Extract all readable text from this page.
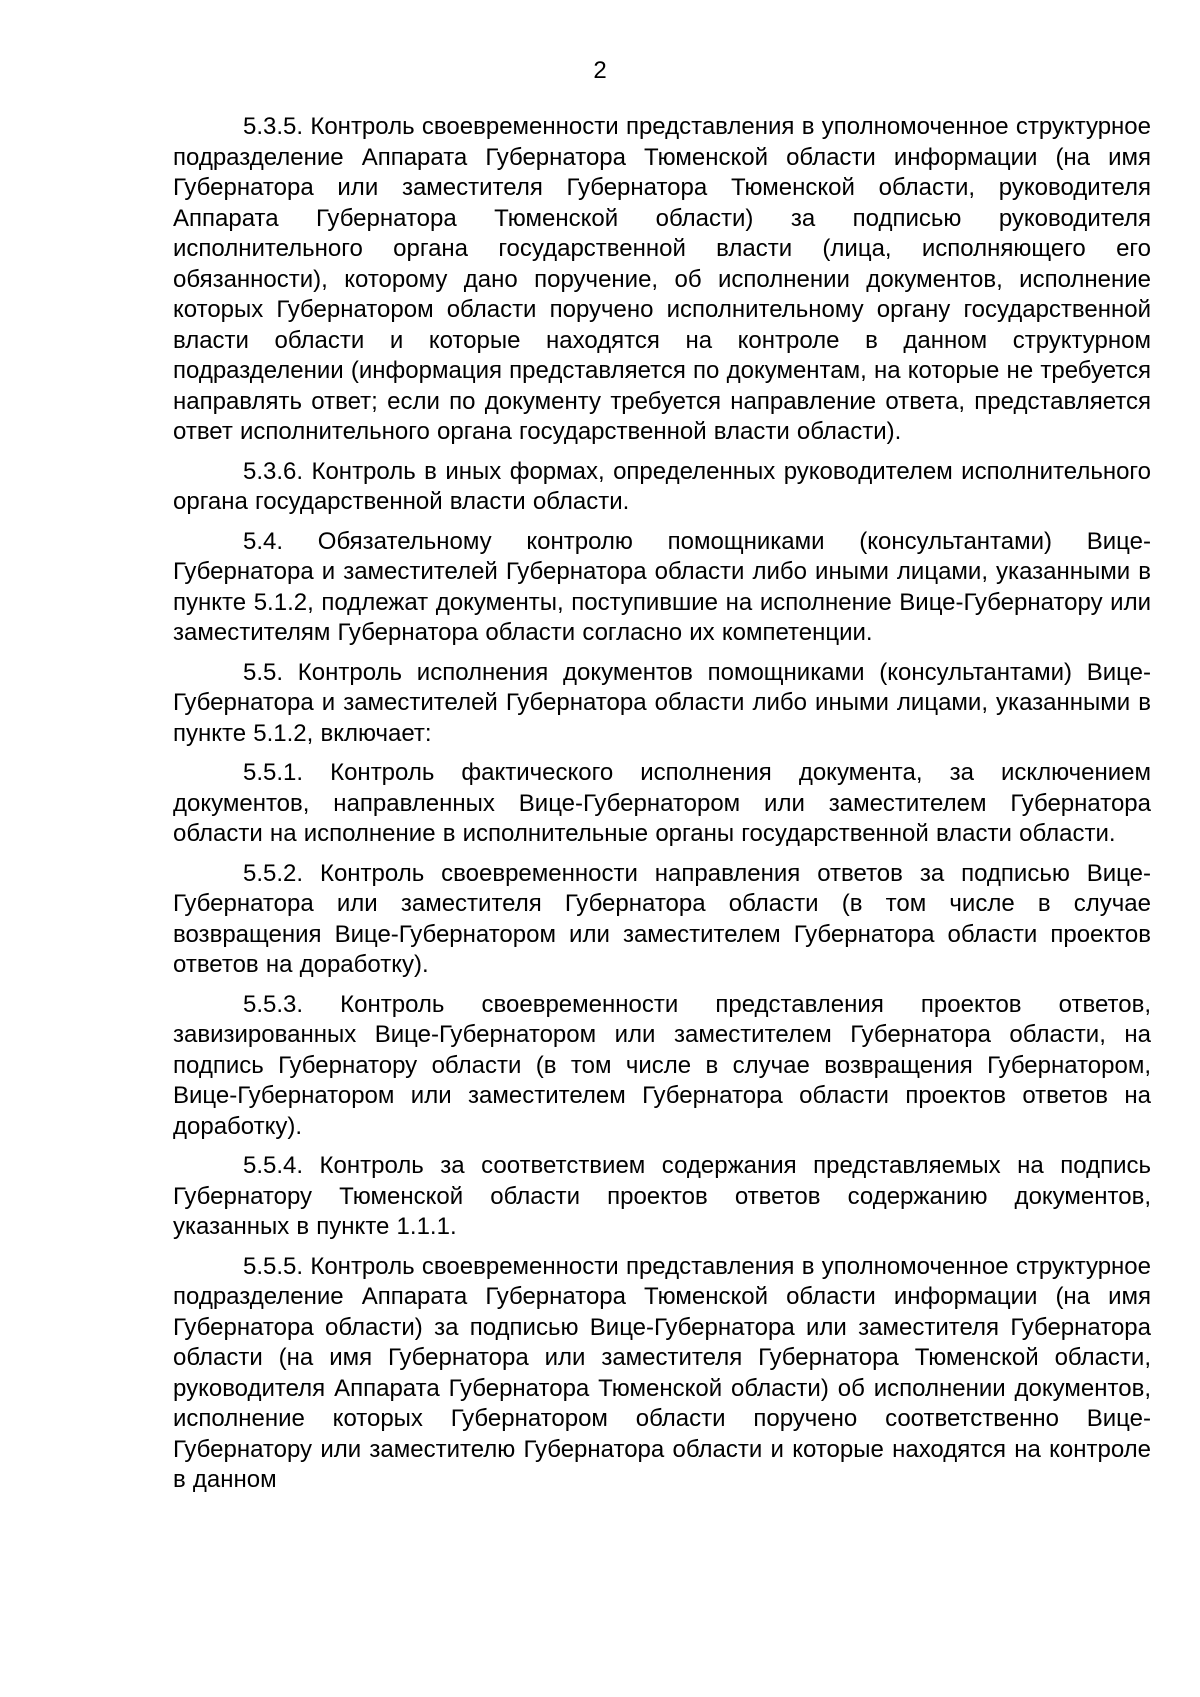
2

5.3.5. Контроль своевременности представления в уполномоченное структурное подразделение Аппарата Губернатора Тюменской области информации (на имя Губернатора или заместителя Губернатора Тюменской области, руководителя Аппарата Губернатора Тюменской области) за подписью руководителя исполнительного органа государственной власти (лица, исполняющего его обязанности), которому дано поручение, об исполнении документов, исполнение которых Губернатором области поручено исполнительному органу государственной власти области и которые находятся на контроле в данном структурном подразделении (информация представляется по документам, на которые не требуется направлять ответ; если по документу требуется направление ответа, представляется ответ исполнительного органа государственной власти области).

5.3.6. Контроль в иных формах, определенных руководителем исполнительного органа государственной власти области.

5.4. Обязательному контролю помощниками (консультантами) Вице-Губернатора и заместителей Губернатора области либо иными лицами, указанными в пункте 5.1.2, подлежат документы, поступившие на исполнение Вице-Губернатору или заместителям Губернатора области согласно их компетенции.

5.5. Контроль исполнения документов помощниками (консультантами) Вице-Губернатора и заместителей Губернатора области либо иными лицами, указанными в пункте 5.1.2, включает:

5.5.1. Контроль фактического исполнения документа, за исключением документов, направленных Вице-Губернатором или заместителем Губернатора области на исполнение в исполнительные органы государственной власти области.

5.5.2. Контроль своевременности направления ответов за подписью Вице-Губернатора или заместителя Губернатора области (в том числе в случае возвращения Вице-Губернатором или заместителем Губернатора области проектов ответов на доработку).

5.5.3. Контроль своевременности представления проектов ответов, завизированных Вице-Губернатором или заместителем Губернатора области, на подпись Губернатору области (в том числе в случае возвращения Губернатором, Вице-Губернатором или заместителем Губернатора области проектов ответов на доработку).

5.5.4. Контроль за соответствием содержания представляемых на подпись Губернатору Тюменской области проектов ответов содержанию документов, указанных в пункте 1.1.1.

5.5.5. Контроль своевременности представления в уполномоченное структурное подразделение Аппарата Губернатора Тюменской области информации (на имя Губернатора области) за подписью Вице-Губернатора или заместителя Губернатора области (на имя Губернатора или заместителя Губернатора Тюменской области, руководителя Аппарата Губернатора Тюменской области) об исполнении документов, исполнение которых Губернатором области поручено соответственно Вице-Губернатору или заместителю Губернатора области и которые находятся на контроле в данном
